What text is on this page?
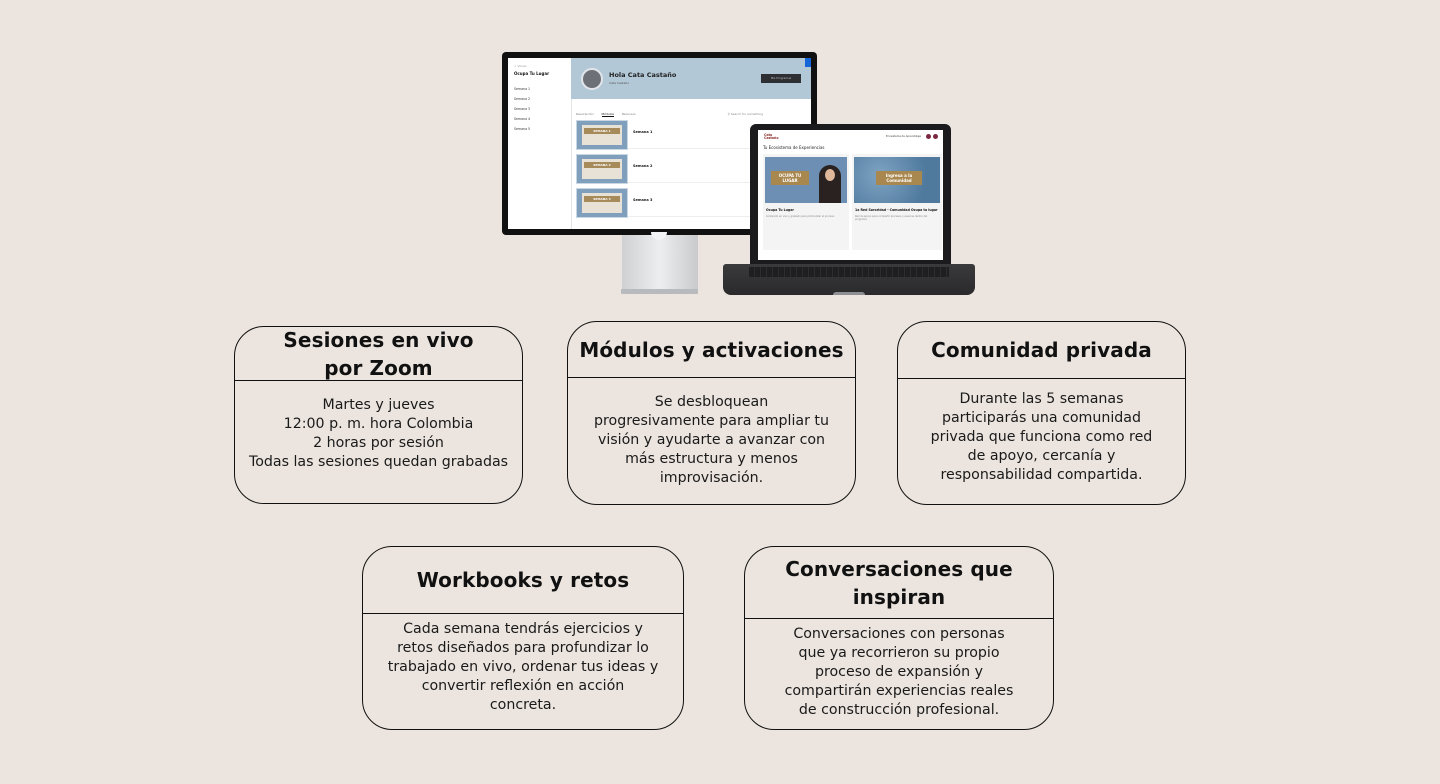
< Volver
Ocupa Tu Lugar
Semana 1
Semana 2
Semana 3
Semana 4
Semana 5
Hola Cata Castaño
Cata Castaño
Mis Programas
Descripción	Módulos	Recursos	⚲ Search for something
SEMANA 1	Semana 1
SEMANA 2	Semana 2
SEMANA 3	Semana 3
Cata
Castaño	Ecosistema de Aprendizaje
Tu Ecosistema de Experiencias
OCUPA TU LUGAR
Ocupa Tu Lugar
Contenido en vivo y grabado para profundizar el proceso.
Ingresa a la Comunidad
1a Red Sororidad - Comunidad Ocupa tu lugar
Red de apoyo para compartir procesos y avances dentro del programa.
Sesiones en vivo
por Zoom
Martes y jueves
12:00 p. m. hora Colombia
2 horas por sesión
Todas las sesiones quedan grabadas
Módulos y activaciones
Se desbloquean
progresivamente para ampliar tu
visión y ayudarte a avanzar con
más estructura y menos
improvisación.
Comunidad privada
Durante las 5 semanas
participarás una comunidad
privada que funciona como red
de apoyo, cercanía y
responsabilidad compartida.
Workbooks y retos
Cada semana tendrás ejercicios y
retos diseñados para profundizar lo
trabajado en vivo, ordenar tus ideas y
convertir reflexión en acción
concreta.
Conversaciones que
inspiran
Conversaciones con personas
que ya recorrieron su propio
proceso de expansión y
compartirán experiencias reales
de construcción profesional.
